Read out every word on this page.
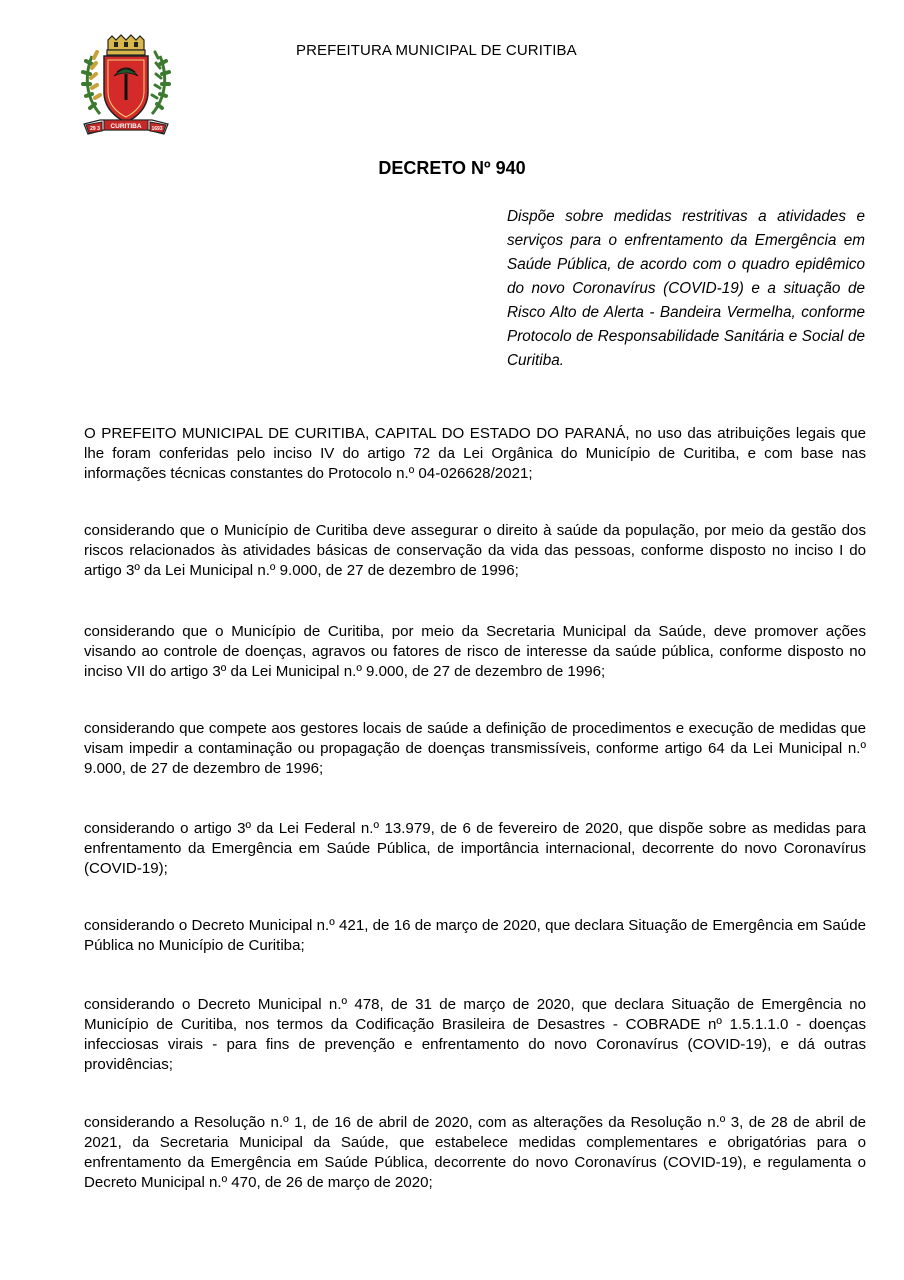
CURITIBA
29 3	1693
PREFEITURA MUNICIPAL DE CURITIBA
DECRETO Nº 940
Dispõe sobre medidas restritivas a atividades e serviços para o enfrentamento da Emergência em Saúde Pública, de acordo com o quadro epidêmico do novo Coronavírus (COVID-19) e a situação de Risco Alto de Alerta - Bandeira Vermelha, conforme Protocolo de Responsabilidade Sanitária e Social de Curitiba.
O PREFEITO MUNICIPAL DE CURITIBA, CAPITAL DO ESTADO DO PARANÁ, no uso das atribuições legais que lhe foram conferidas pelo inciso IV do artigo 72 da Lei Orgânica do Município de Curitiba, e com base nas informações técnicas constantes do Protocolo n.º 04-026628/2021;
considerando que o Município de Curitiba deve assegurar o direito à saúde da população, por meio da gestão dos riscos relacionados às atividades básicas de conservação da vida das pessoas, conforme disposto no inciso I do artigo 3º da Lei Municipal n.º 9.000, de 27 de dezembro de 1996;
considerando que o Município de Curitiba, por meio da Secretaria Municipal da Saúde, deve promover ações visando ao controle de doenças, agravos ou fatores de risco de interesse da saúde pública, conforme disposto no inciso VII do artigo 3º da Lei Municipal n.º 9.000, de 27 de dezembro de 1996;
considerando que compete aos gestores locais de saúde a definição de procedimentos e execução de medidas que visam impedir a contaminação ou propagação de doenças transmissíveis, conforme artigo 64 da Lei Municipal n.º 9.000, de 27 de dezembro de 1996;
considerando o artigo 3º da Lei Federal n.º 13.979, de 6 de fevereiro de 2020, que dispõe sobre as medidas para enfrentamento da Emergência em Saúde Pública, de importância internacional, decorrente do novo Coronavírus (COVID-19);
considerando o Decreto Municipal n.º 421, de 16 de março de 2020, que declara Situação de Emergência em Saúde Pública no Município de Curitiba;
considerando o Decreto Municipal n.º 478, de 31 de março de 2020, que declara Situação de Emergência no Município de Curitiba, nos termos da Codificação Brasileira de Desastres - COBRADE nº 1.5.1.1.0 - doenças infecciosas virais - para fins de prevenção e enfrentamento do novo Coronavírus (COVID-19), e dá outras providências;
considerando a Resolução n.º 1, de 16 de abril de 2020, com as alterações da Resolução n.º 3, de 28 de abril de 2021, da Secretaria Municipal da Saúde, que estabelece medidas complementares e obrigatórias para o enfrentamento da Emergência em Saúde Pública, decorrente do novo Coronavírus (COVID-19), e regulamenta o Decreto Municipal n.º 470, de 26 de março de 2020;
